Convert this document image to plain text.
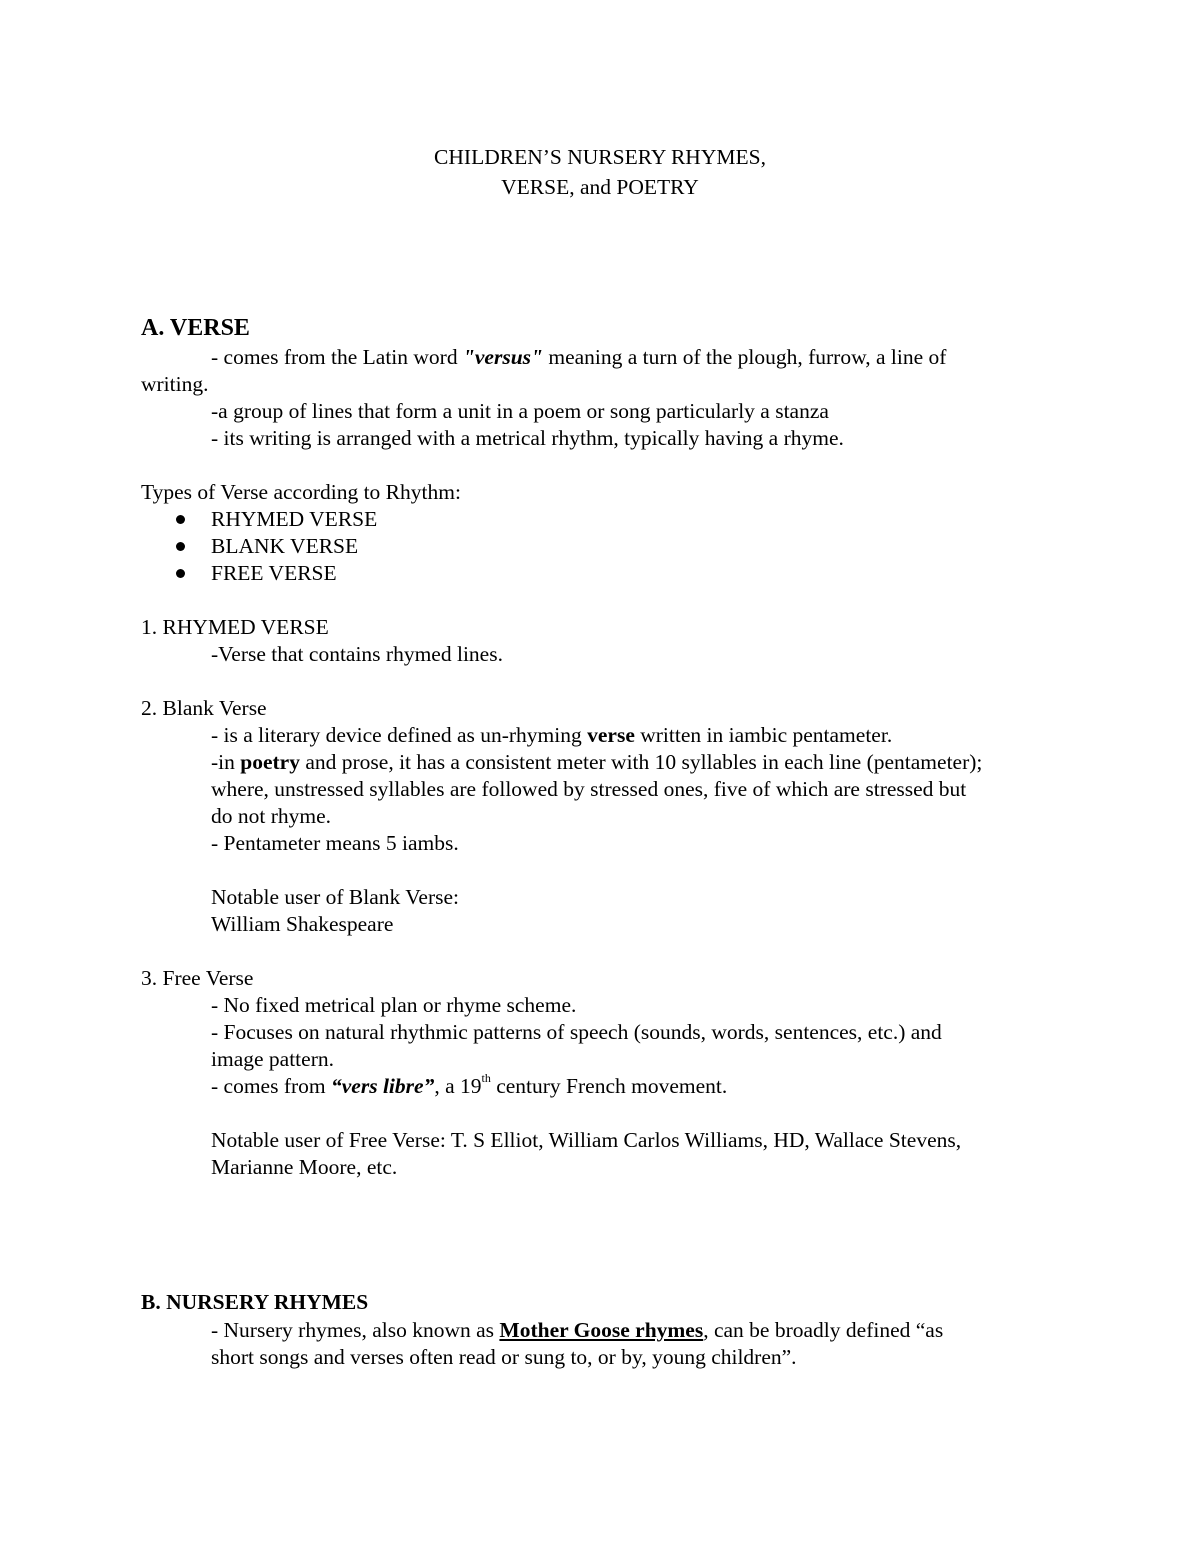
CHILDREN’S NURSERY RHYMES,
VERSE, and POETRY
A. VERSE
- comes from the Latin word "versus" meaning a turn of the plough, furrow, a line of
writing.
-a group of lines that form a unit in a poem or song particularly a stanza
- its writing is arranged with a metrical rhythm, typically having a rhyme.
Types of Verse according to Rhythm:
RHYMED VERSE
BLANK VERSE
FREE VERSE
1. RHYMED VERSE
-Verse that contains rhymed lines.
2. Blank Verse
- is a literary device defined as un-rhyming verse written in iambic pentameter.
-in poetry and prose, it has a consistent meter with 10 syllables in each line (pentameter);
where, unstressed syllables are followed by stressed ones, five of which are stressed but
do not rhyme.
- Pentameter means 5 iambs.
Notable user of Blank Verse:
William Shakespeare
3. Free Verse
- No fixed metrical plan or rhyme scheme.
- Focuses on natural rhythmic patterns of speech (sounds, words, sentences, etc.) and
image pattern.
- comes from “vers libre”, a 19th century French movement.
Notable user of Free Verse: T. S Elliot, William Carlos Williams, HD, Wallace Stevens,
Marianne Moore, etc.
B. NURSERY RHYMES
- Nursery rhymes, also known as Mother Goose rhymes, can be broadly defined “as
short songs and verses often read or sung to, or by, young children”.
